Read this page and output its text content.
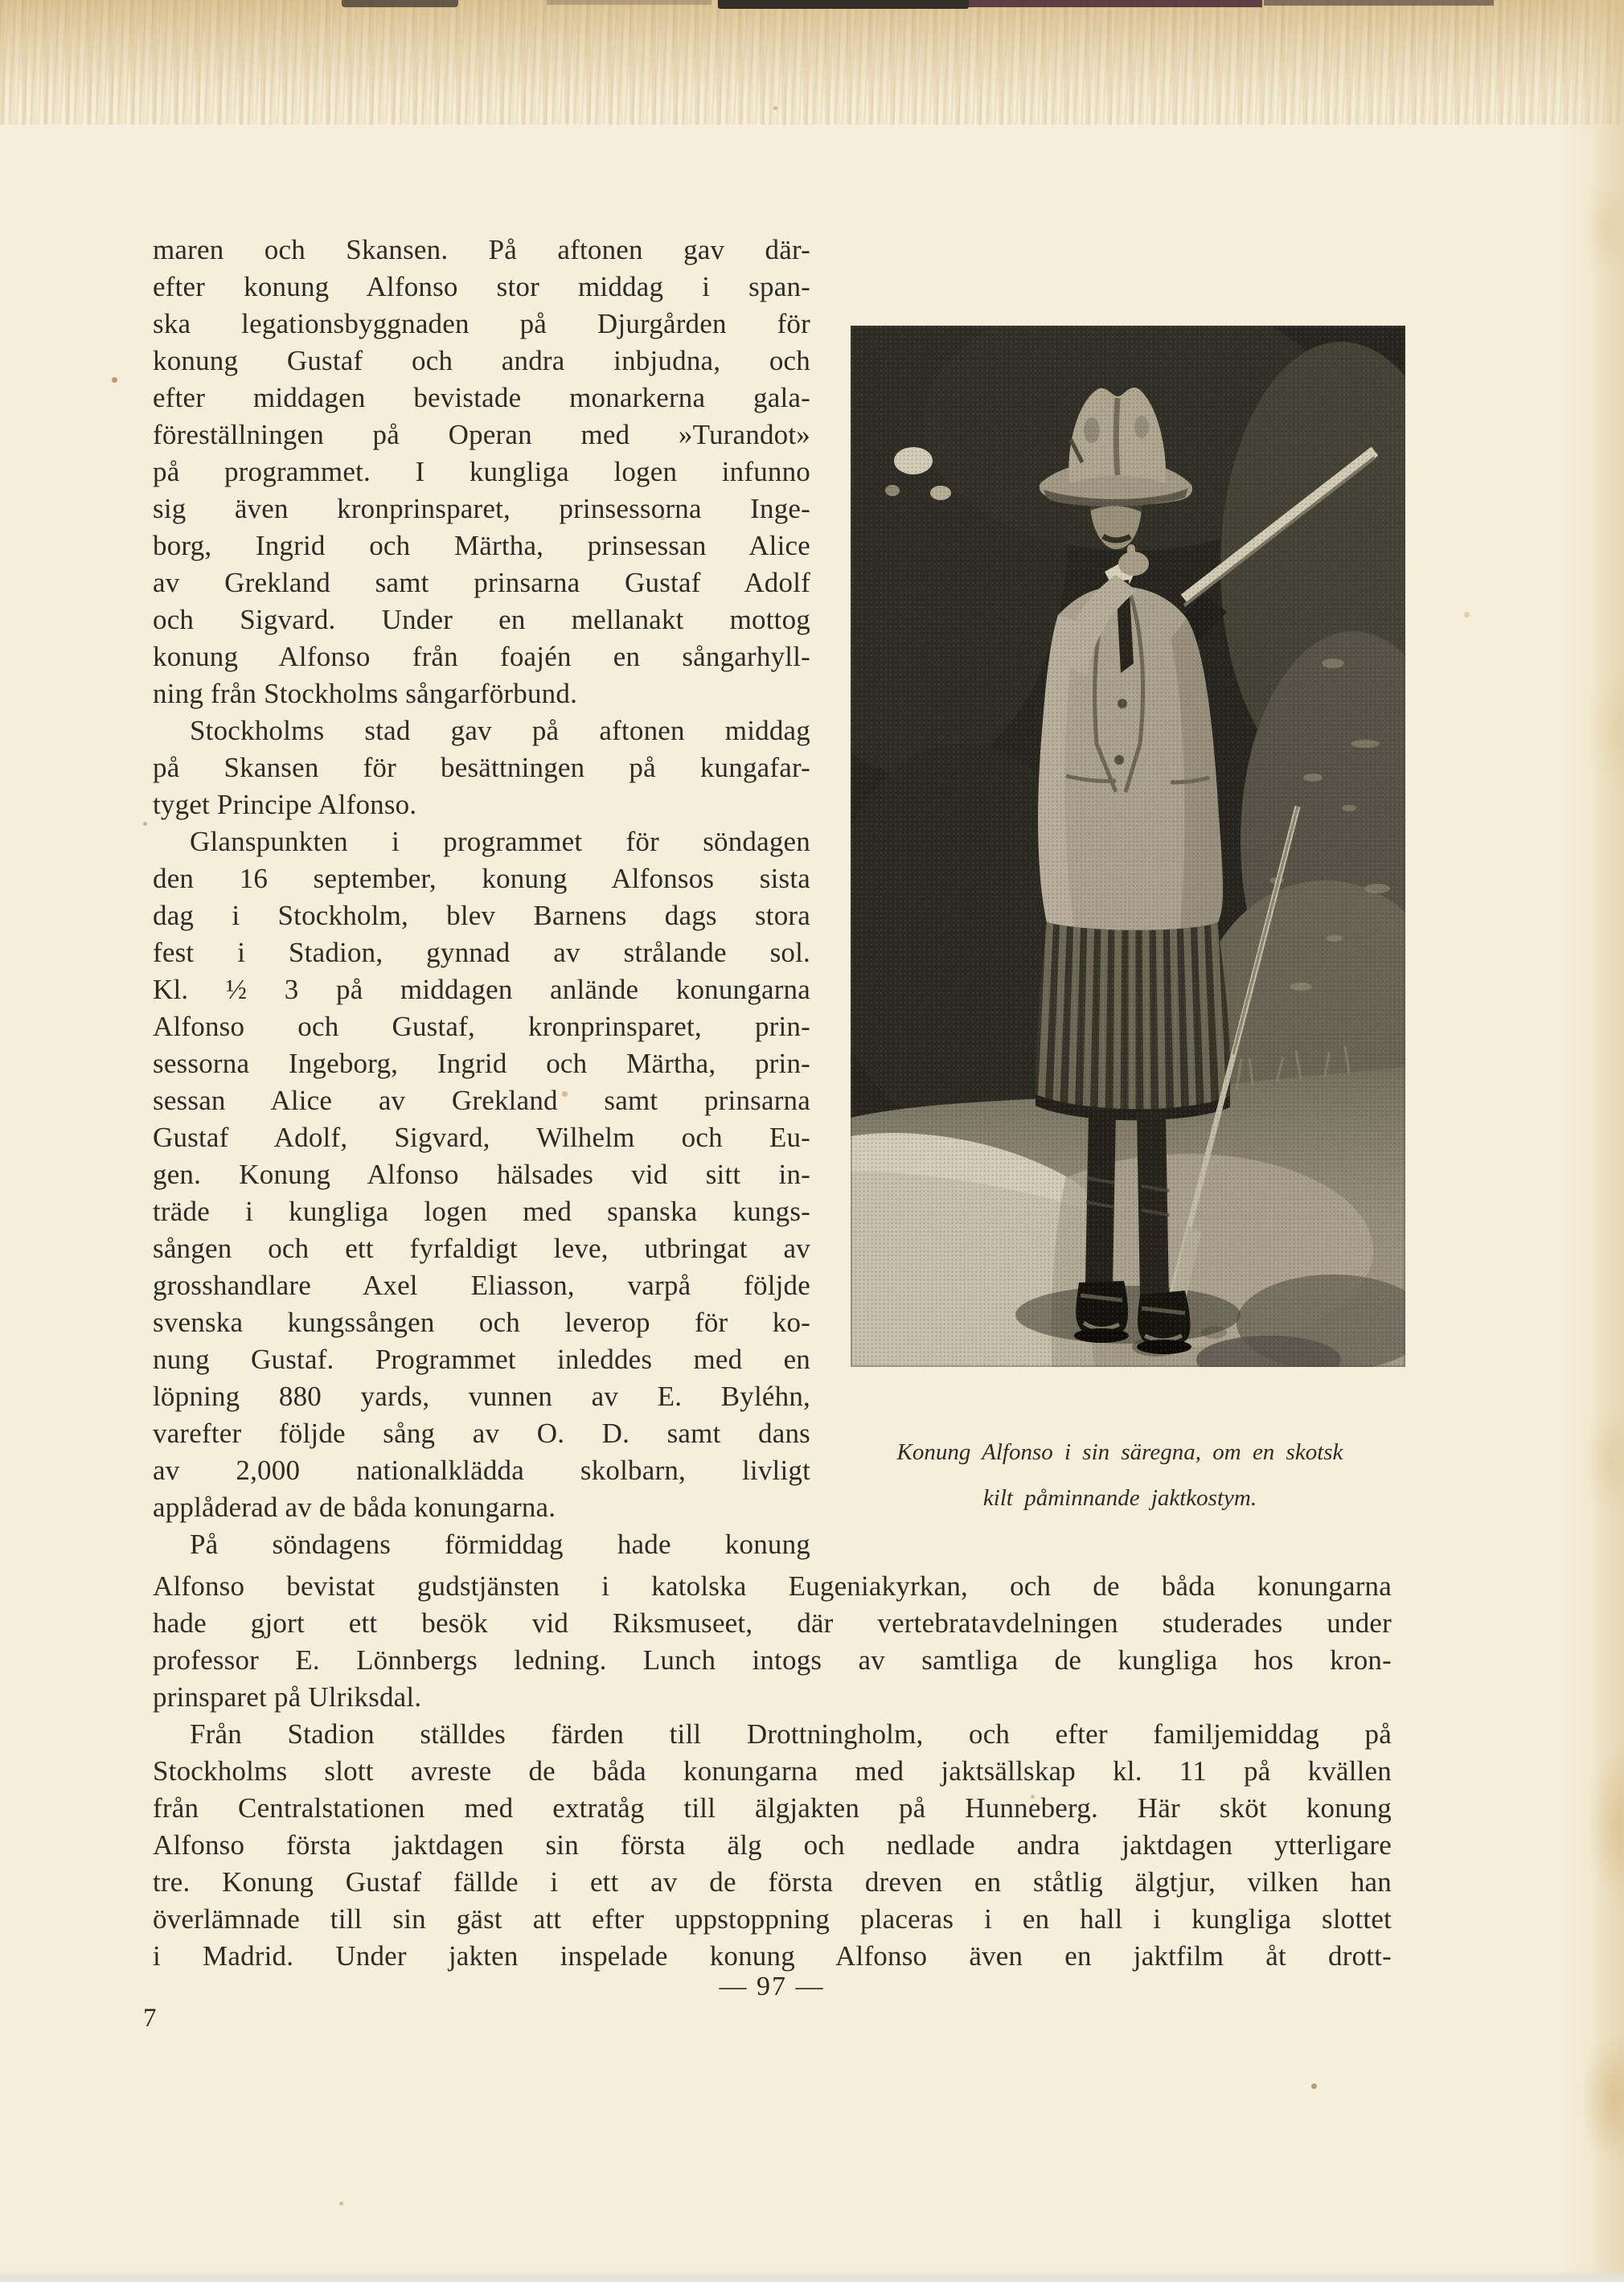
maren och Skansen. På aftonen gav där-
efter konung Alfonso stor middag i span-
ska legationsbyggnaden på Djurgården för
konung Gustaf och andra inbjudna, och
efter middagen bevistade monarkerna gala-
föreställningen på Operan med »Turandot»
på programmet. I kungliga logen infunno
sig även kronprinsparet, prinsessorna Inge-
borg, Ingrid och Märtha, prinsessan Alice
av Grekland samt prinsarna Gustaf Adolf
och Sigvard. Under en mellanakt mottog
konung Alfonso från foajén en sångarhyll-
ning från Stockholms sångarförbund.
Stockholms stad gav på aftonen middag
på Skansen för besättningen på kungafar-
tyget Principe Alfonso.
Glanspunkten i programmet för söndagen
den 16 september, konung Alfonsos sista
dag i Stockholm, blev Barnens dags stora
fest i Stadion, gynnad av strålande sol.
Kl. ½ 3 på middagen anlände konungarna
Alfonso och Gustaf, kronprinsparet, prin-
sessorna Ingeborg, Ingrid och Märtha, prin-
sessan Alice av Grekland samt prinsarna
Gustaf Adolf, Sigvard, Wilhelm och Eu-
gen. Konung Alfonso hälsades vid sitt in-
träde i kungliga logen med spanska kungs-
sången och ett fyrfaldigt leve, utbringat av
grosshandlare Axel Eliasson, varpå följde
svenska kungssången och leverop för ko-
nung Gustaf. Programmet inleddes med en
löpning 880 yards, vunnen av E. Byléhn,
varefter följde sång av O. D. samt dans
av 2,000 nationalklädda skolbarn, livligt
applåderad av de båda konungarna.
På söndagens förmiddag hade konung
Konung Alfonso i sin säregna, om en skotsk
kilt påminnande jaktkostym.
Alfonso bevistat gudstjänsten i katolska Eugeniakyrkan, och de båda konungarna
hade gjort ett besök vid Riksmuseet, där vertebratavdelningen studerades under
professor E. Lönnbergs ledning. Lunch intogs av samtliga de kungliga hos kron-
prinsparet på Ulriksdal.
Från Stadion ställdes färden till Drottningholm, och efter familjemiddag på
Stockholms slott avreste de båda konungarna med jaktsällskap kl. 11 på kvällen
från Centralstationen med extratåg till älgjakten på Hunneberg. Här sköt konung
Alfonso första jaktdagen sin första älg och nedlade andra jaktdagen ytterligare
tre. Konung Gustaf fällde i ett av de första dreven en ståtlig älgtjur, vilken han
överlämnade till sin gäst att efter uppstoppning placeras i en hall i kungliga slottet
i Madrid. Under jakten inspelade konung Alfonso även en jaktfilm åt drott-
— 97 —
7
